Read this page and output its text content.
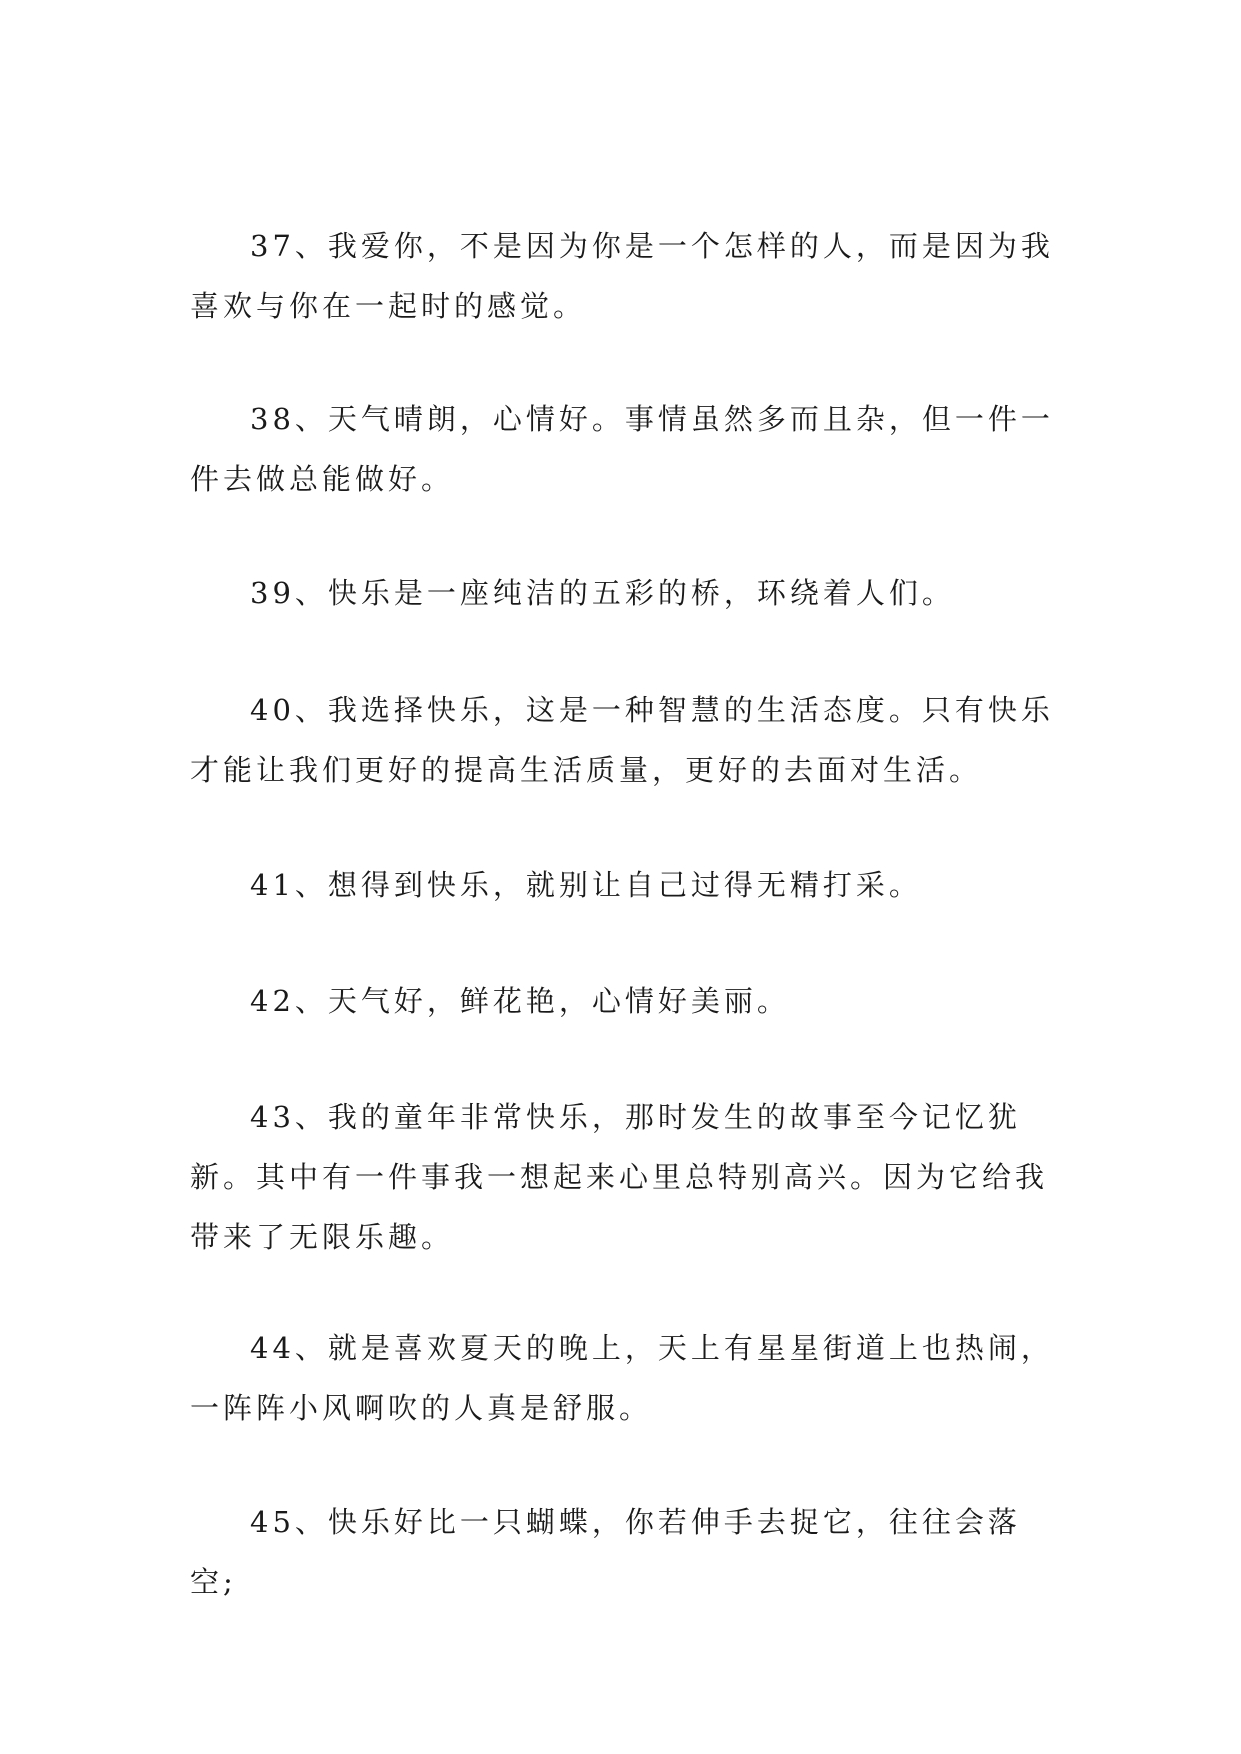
37、我爱你，不是因为你是一个怎样的人，而是因为我喜欢与你在一起时的感觉。

38、天气晴朗，心情好。事情虽然多而且杂，但一件一件去做总能做好。

39、快乐是一座纯洁的五彩的桥，环绕着人们。

40、我选择快乐，这是一种智慧的生活态度。只有快乐才能让我们更好的提高生活质量，更好的去面对生活。

41、想得到快乐，就别让自己过得无精打采。

42、天气好，鲜花艳，心情好美丽。

43、我的童年非常快乐，那时发生的故事至今记忆犹新。其中有一件事我一想起来心里总特别高兴。因为它给我带来了无限乐趣。

44、就是喜欢夏天的晚上，天上有星星街道上也热闹，一阵阵小风啊吹的人真是舒服。

45、快乐好比一只蝴蝶，你若伸手去捉它，往往会落空;
